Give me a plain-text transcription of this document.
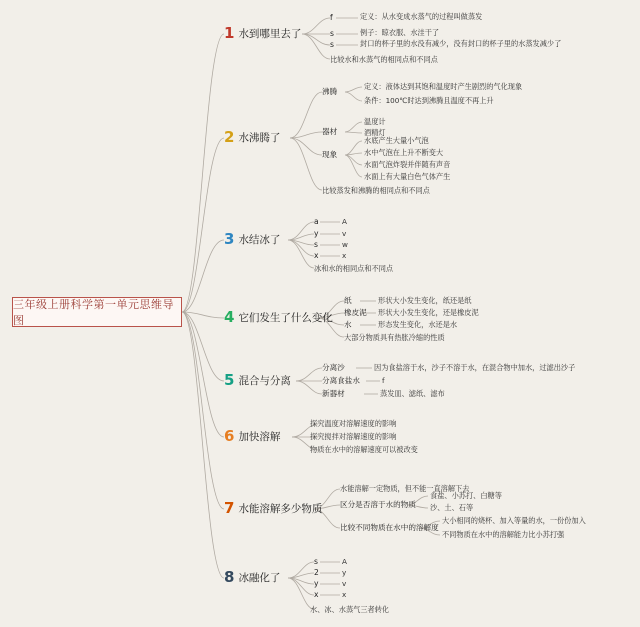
三年级上册科学第一单元思维导图
1 水到哪里去了
f	定义：从水变成水蒸气的过程叫做蒸发
s	例子：晾衣服、水洼干了
s	封口的杯子里的水没有减少，没有封口的杯子里的水蒸发减少了
比较水和水蒸气的相同点和不同点
2 水沸腾了
沸腾
定义：液体达到其饱和温度时产生剧烈的气化现象
条件：100℃时达到沸腾且温度不再上升
器材
温度计
酒精灯
现象
水底产生大量小气泡
水中气泡在上升不断变大
水面气泡炸裂并伴随有声音
水面上有大量白色气体产生
比较蒸发和沸腾的相同点和不同点
3 水结冰了
a	A
y	v
s	w
x	x
冰和水的相同点和不同点
4 它们发生了什么变化
纸	形状大小发生变化，纸还是纸
橡皮泥 形状大小发生变化，还是橡皮泥
水	形态发生变化，水还是水
大部分物质具有热胀冷缩的性质
5 混合与分离
分离沙	因为食盐溶于水，沙子不溶于水，在混合物中加水，过滤出沙子
分离食盐水	f
新器材	蒸发皿、滤纸、滤布
6 加快溶解
探究温度对溶解速度的影响
探究搅拌对溶解速度的影响
物质在水中的溶解速度可以被改变
7 水能溶解多少物质
水能溶解一定物质，但不能一直溶解下去
区分是否溶于水的物质
食盐、小苏打、白糖等
沙、土、石等
比较不同物质在水中的溶解度
大小相同的烧杯、加入等量的水，一份份加入
不同物质在水中的溶解能力比小苏打强
8 冰融化了
s	A
2	y
y	v
x	x
水、冰、水蒸气三者转化
